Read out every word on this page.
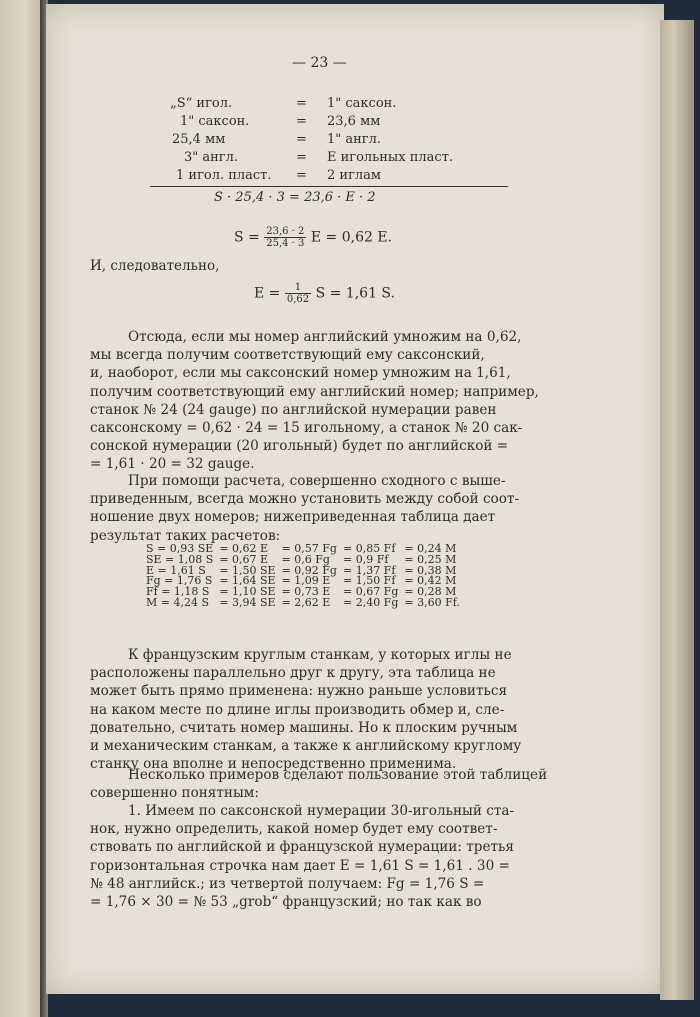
— 23 —
„S“ игол.	= 1" саксон.
1" саксон.	= 23,6 мм
25,4 мм	= 1" англ.
3" англ.	= E игольных пласт.
1 игол. пласт. = 2 иглам
S · 25,4 · 3 = 23,6 · E · 2
$S = \frac{23,6 \cdot 2}{25,4 \cdot 3}$ E = 0,62 E.
И, следовательно,
$E = \frac{1}{0,62}$ S = 1,61 S.
Отсюда, если мы номер английский умножим на 0,62,
мы всегда получим соответствующий ему саксонский,
и, наоборот, если мы саксонский номер умножим на 1,61,
получим соответствующий ему английский номер; например,
станок № 24 (24 gauge) по английской нумерации равен
саксонскому = 0,62 · 24 = 15 игольному, а станок № 20 сак-
сонской нумерации (20 игольный) будет по английской =
= 1,61 · 20 = 32 gauge.
При помощи расчета, совершенно сходного с выше-
приведенным, всегда можно установить между собой соот-
ношение двух номеров; нижеприведенная таблица дает
результат таких расчетов:
S = 0,93 SE	= 0,62 E	= 0,57 Fg	= 0,85 Ff	= 0,24 M
SE = 1,08 S	= 0,67 E	= 0,6 Fg	= 0,9 Ff	= 0,25 M
E = 1,61 S	= 1,50 SE	= 0,92 Fg	= 1,37 Ff	= 0,38 M
Fg = 1,76 S	= 1,64 SE	= 1,09 E	= 1,50 Ff	= 0,42 M
Ff = 1,18 S	= 1,10 SE	= 0,73 E	= 0,67 Fg	= 0,28 M
M = 4,24 S	= 3,94 SE	= 2,62 E	= 2,40 Fg	= 3,60 Ff.
К французским круглым станкам, у которых иглы не
расположены параллельно друг к другу, эта таблица не
может быть прямо применена: нужно раньше условиться
на каком месте по длине иглы производить обмер и, сле-
довательно, считать номер машины. Но к плоским ручным
и механическим станкам, а также к английскому круглому
станку она вполне и непосредственно применима.
Несколько примеров сделают пользование этой таблицей
совершенно понятным:
1. Имеем по саксонской нумерации 30-игольный ста-
нок, нужно определить, какой номер будет ему соответ-
ствовать по английской и французской нумерации: третья
горизонтальная строчка нам дает E = 1,61 S = 1,61 . 30 =
№ 48 английск.; из четвертой получаем: Fg = 1,76 S =
= 1,76 × 30 = № 53 „grob“ французский; но так как во
